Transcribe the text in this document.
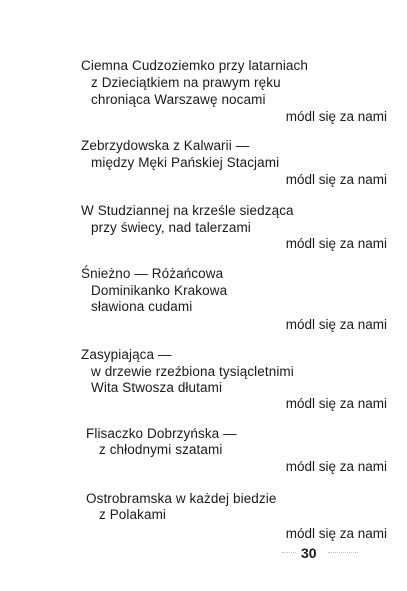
Ciemna Cudzoziemko przy latarniach
z Dzieciątkiem na prawym ręku
chroniąca Warszawę nocami
módl się za nami
Zebrzydowska z Kalwarii —
między Męki Pańskiej Stacjami
módl się za nami
W Studziannej na krześle siedząca
przy świecy, nad talerzami
módl się za nami
Śnieżno — Różańcowa
Dominikanko Krakowa
sławiona cudami
módl się za nami
Zasypiająca —
w drzewie rzeźbiona tysiącletnimi
Wita Stwosza dłutami
módl się za nami
Flisaczko Dobrzyńska —
z chłodnymi szatami
módl się za nami
Ostrobramska w każdej biedzie
z Polakami
módl się za nami
30
